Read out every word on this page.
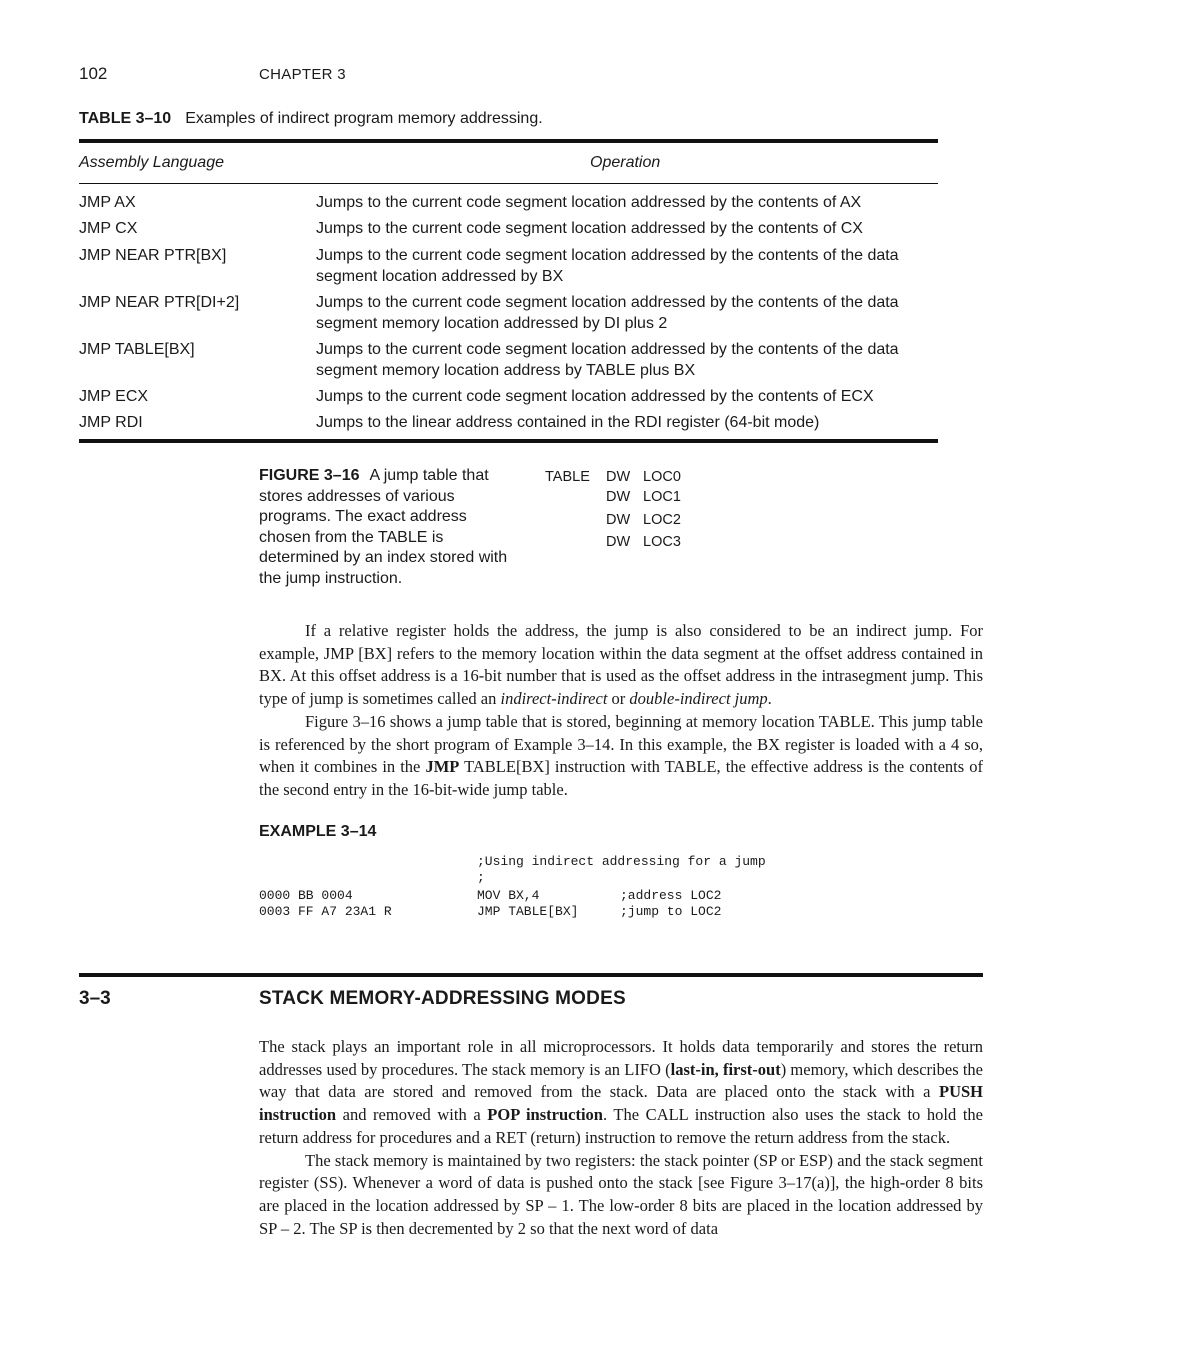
102	CHAPTER 3
TABLE 3–10 Examples of indirect program memory addressing.
Assembly Language	Operation
JMP AX	Jumps to the current code segment location addressed by the contents of AX
JMP CX	Jumps to the current code segment location addressed by the contents of CX
JMP NEAR PTR[BX]	Jumps to the current code segment location addressed by the contents of the data segment location addressed by BX
JMP NEAR PTR[DI+2]	Jumps to the current code segment location addressed by the contents of the data segment memory location addressed by DI plus 2
JMP TABLE[BX]	Jumps to the current code segment location addressed by the contents of the data segment memory location address by TABLE plus BX
JMP ECX	Jumps to the current code segment location addressed by the contents of ECX
JMP RDI	Jumps to the linear address contained in the RDI register (64-bit mode)
FIGURE 3–16 A jump table that stores addresses of various programs. The exact address chosen from the TABLE is determined by an index stored with the jump instruction.
TABLE DW LOC0
DW LOC1
DW LOC2
DW LOC3

If a relative register holds the address, the jump is also considered to be an indirect jump. For example, JMP [BX] refers to the memory location within the data segment at the offset address contained in BX. At this offset address is a 16-bit number that is used as the offset address in the intrasegment jump. This type of jump is sometimes called an indirect-indirect or double-indirect jump.

Figure 3–16 shows a jump table that is stored, beginning at memory location TABLE. This jump table is referenced by the short program of Example 3–14. In this example, the BX register is loaded with a 4 so, when it combines in the JMP TABLE[BX] instruction with TABLE, the effective address is the contents of the second entry in the 16-bit-wide jump table.

EXAMPLE 3–14
;Using indirect addressing for a jump
;
0000 BB 0004	MOV BX,4	;address LOC2
0003 FF A7 23A1 R	JMP TABLE[BX]	;jump to LOC2
3–3	STACK MEMORY-ADDRESSING MODES

The stack plays an important role in all microprocessors. It holds data temporarily and stores the return addresses used by procedures. The stack memory is an LIFO (last-in, first-out) memory, which describes the way that data are stored and removed from the stack. Data are placed onto the stack with a PUSH instruction and removed with a POP instruction. The CALL instruction also uses the stack to hold the return address for procedures and a RET (return) instruction to remove the return address from the stack.

The stack memory is maintained by two registers: the stack pointer (SP or ESP) and the stack segment register (SS). Whenever a word of data is pushed onto the stack [see Figure 3–17(a)], the high-order 8 bits are placed in the location addressed by SP – 1. The low-order 8 bits are placed in the location addressed by SP – 2. The SP is then decremented by 2 so that the next word of data
